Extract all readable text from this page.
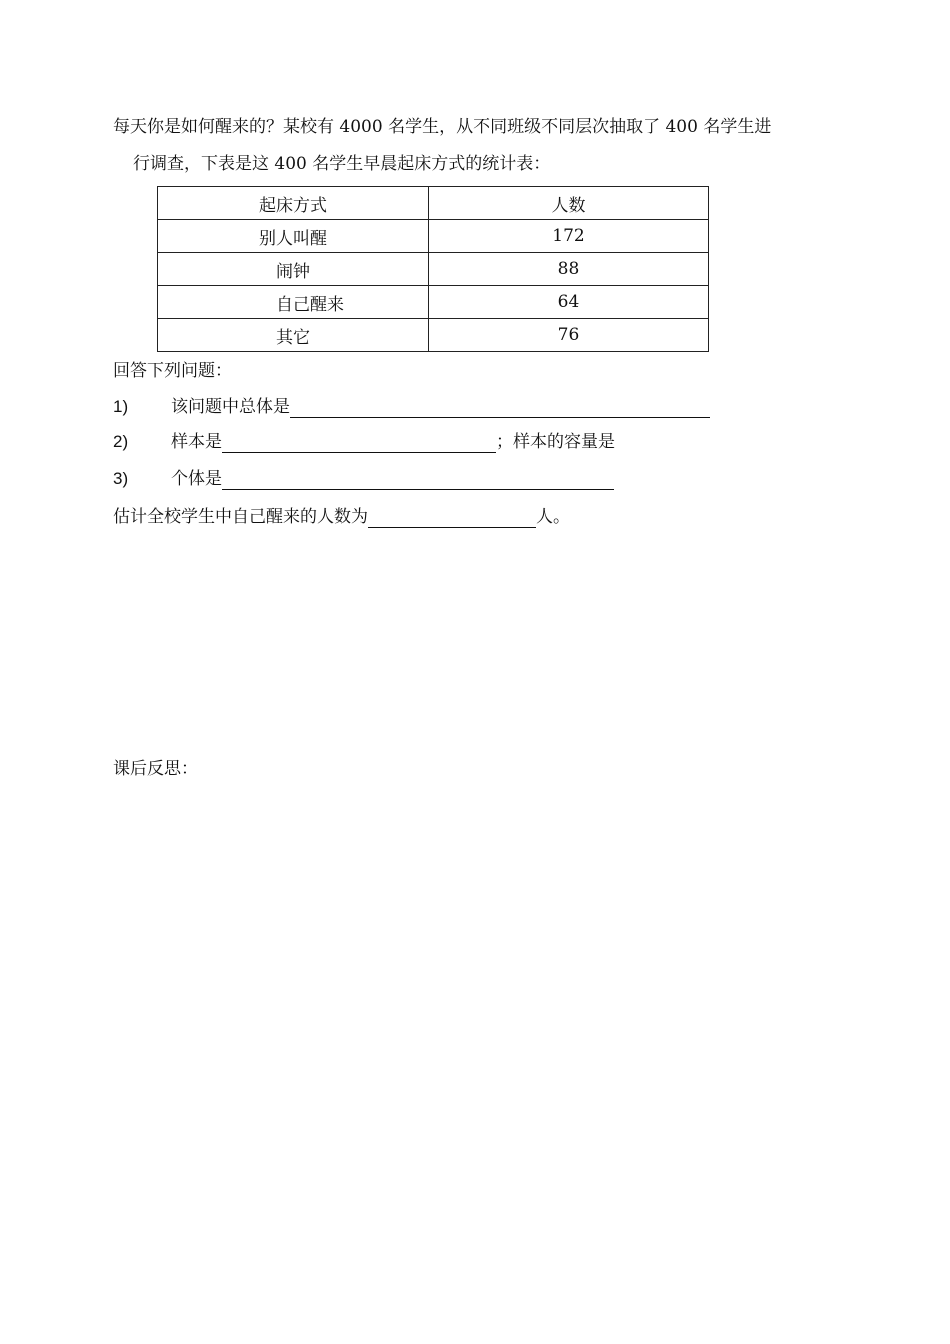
每天你是如何醒来的？某校有 4000 名学生，从不同班级不同层次抽取了 400 名学生进
行调查，下表是这 400 名学生早晨起床方式的统计表：
起床方式	人数
别人叫醒	172
闹钟	88
自己醒来	64
其它	76
回答下列问题：
1)	该问题中总体是
2)	样本是	；样本的容量是
3)	个体是
估计全校学生中自己醒来的人数为	人。
课后反思：
